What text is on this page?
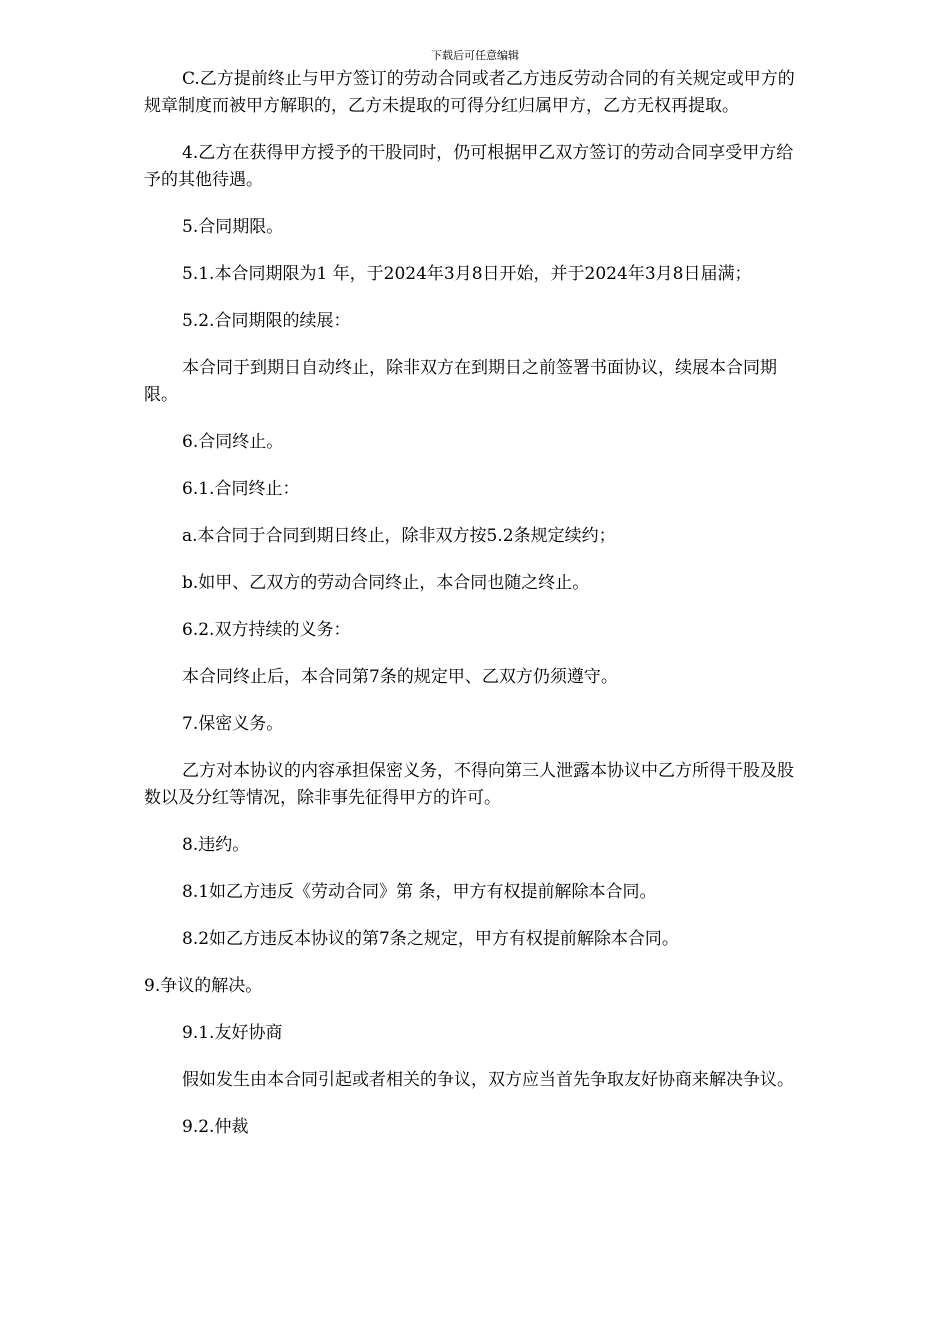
下载后可任意编辑

C.乙方提前终止与甲方签订的劳动合同或者乙方违反劳动合同的有关规定或甲方的规章制度而被甲方解职的，乙方未提取的可得分红归属甲方，乙方无权再提取。

4.乙方在获得甲方授予的干股同时，仍可根据甲乙双方签订的劳动合同享受甲方给予的其他待遇。

5.合同期限。

5.1.本合同期限为1 年，于2024年3月8日开始，并于2024年3月8日届满；

5.2.合同期限的续展：

本合同于到期日自动终止，除非双方在到期日之前签署书面协议，续展本合同期限。

6.合同终止。

6.1.合同终止：

a.本合同于合同到期日终止，除非双方按5.2条规定续约；

b.如甲、乙双方的劳动合同终止，本合同也随之终止。

6.2.双方持续的义务：

本合同终止后，本合同第7条的规定甲、乙双方仍须遵守。

7.保密义务。

乙方对本协议的内容承担保密义务，不得向第三人泄露本协议中乙方所得干股及股数以及分红等情况，除非事先征得甲方的许可。

8.违约。

8.1如乙方违反《劳动合同》第 条，甲方有权提前解除本合同。

8.2如乙方违反本协议的第7条之规定，甲方有权提前解除本合同。

9.争议的解决。

9.1.友好协商

假如发生由本合同引起或者相关的争议，双方应当首先争取友好协商来解决争议。

9.2.仲裁
